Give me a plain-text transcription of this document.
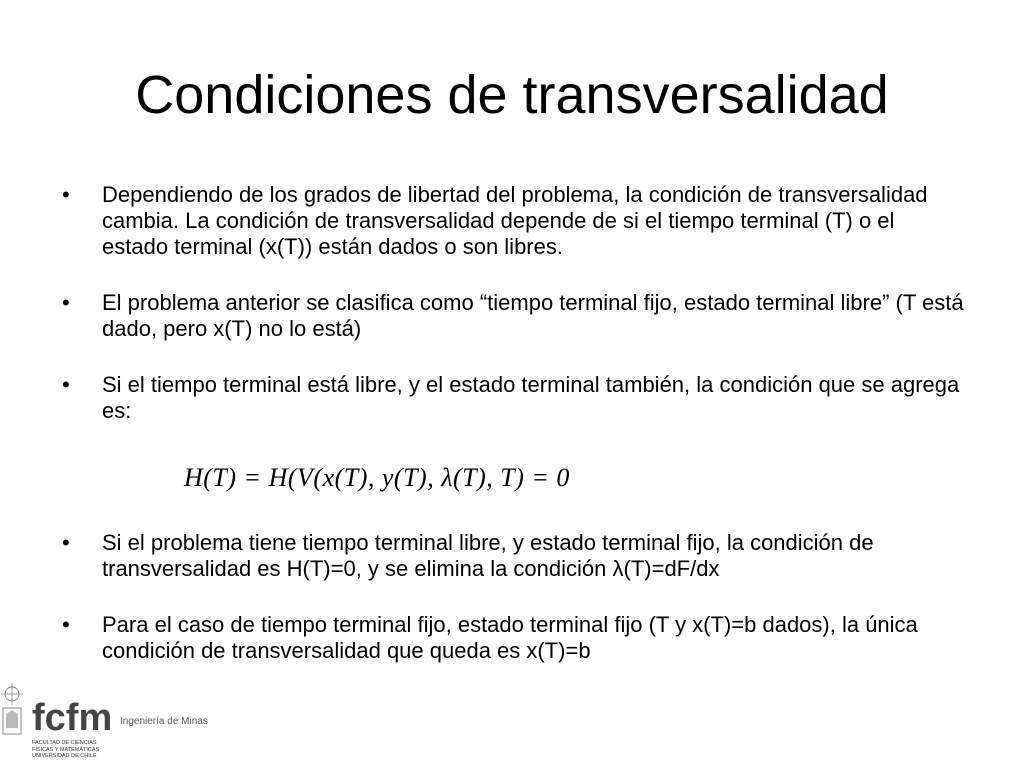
Condiciones de transversalidad
• Dependiendo de los grados de libertad del problema, la condición de transversalidad cambia. La condición de transversalidad depende de si el tiempo terminal (T) o el estado terminal (x(T)) están dados o son libres.
• El problema anterior se clasifica como “tiempo terminal fijo, estado terminal libre” (T está dado, pero x(T) no lo está)
• Si el tiempo terminal está libre, y el estado terminal también, la condición que se agrega es:
H(T) = H(V(x(T), y(T), λ(T), T) = 0
• Si el problema tiene tiempo terminal libre, y estado terminal fijo, la condición de transversalidad es H(T)=0, y se elimina la condición λ(T)=dF/dx
• Para el caso de tiempo terminal fijo, estado terminal fijo (T y x(T)=b dados), la única condición de transversalidad que queda es x(T)=b
fcfm Ingeniería de Minas
FACULTAD DE CIENCIAS FÍSICAS Y MATEMÁTICAS UNIVERSIDAD DE CHILE
